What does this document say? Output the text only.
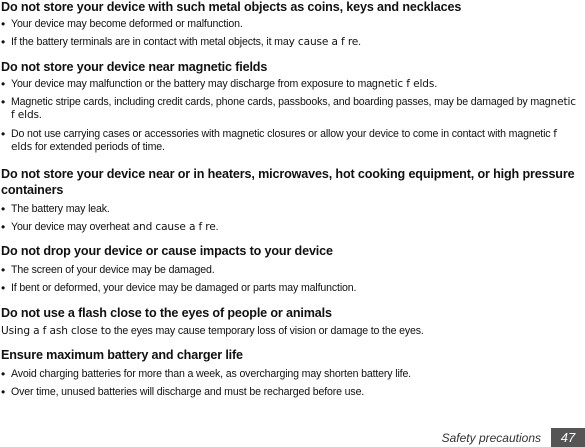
Do not store your device with such metal objects as coins, keys and necklaces

• Your device may become deformed or malfunction.

• If the battery terminals are in contact with metal objects, it may cause a f re.

Do not store your device near magnetic fields

• Your device may malfunction or the battery may discharge from exposure to magnetic f elds.

• Magnetic stripe cards, including credit cards, phone cards, passbooks, and boarding passes, may be damaged by magnetic f elds.

• Do not use carrying cases or accessories with magnetic closures or allow your device to come in contact with magnetic f elds for extended periods of time.

Do not store your device near or in heaters, microwaves, hot cooking equipment, or high pressure containers

• The battery may leak.

• Your device may overheat and cause a f re.

Do not drop your device or cause impacts to your device

• The screen of your device may be damaged.

• If bent or deformed, your device may be damaged or parts may malfunction.

Do not use a flash close to the eyes of people or animals

Using a f ash close to the eyes may cause temporary loss of vision or damage to the eyes.

Ensure maximum battery and charger life

• Avoid charging batteries for more than a week, as overcharging may shorten battery life.

• Over time, unused batteries will discharge and must be recharged before use.

Safety precautions	47
